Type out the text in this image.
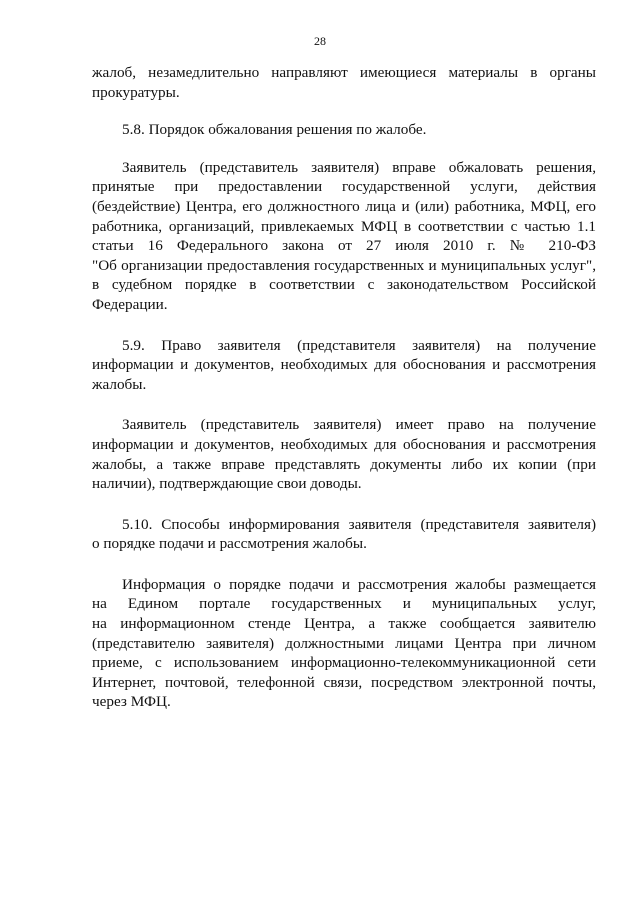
28

жалоб, незамедлительно направляют имеющиеся материалы в органы
прокуратуры.

5.8. Порядок обжалования решения по жалобе.

Заявитель (представитель заявителя) вправе обжаловать решения,
принятые при предоставлении государственной услуги, действия
(бездействие) Центра, его должностного лица и (или) работника, МФЦ, его
работника, организаций, привлекаемых МФЦ в соответствии с частью 1.1
статьи 16 Федерального закона от 27 июля 2010 г. № 210-ФЗ
"Об организации предоставления государственных и муниципальных услуг",
в судебном порядке в соответствии с законодательством Российской
Федерации.

5.9. Право заявителя (представителя заявителя) на получение
информации и документов, необходимых для обоснования и рассмотрения
жалобы.

Заявитель (представитель заявителя) имеет право на получение
информации и документов, необходимых для обоснования и рассмотрения
жалобы, а также вправе представлять документы либо их копии (при
наличии), подтверждающие свои доводы.

5.10. Способы информирования заявителя (представителя заявителя)
о порядке подачи и рассмотрения жалобы.

Информация о порядке подачи и рассмотрения жалобы размещается
на Едином портале государственных и муниципальных услуг,
на информационном стенде Центра, а также сообщается заявителю
(представителю заявителя) должностными лицами Центра при личном
приеме, с использованием информационно-телекоммуникационной сети
Интернет, почтовой, телефонной связи, посредством электронной почты,
через МФЦ.
